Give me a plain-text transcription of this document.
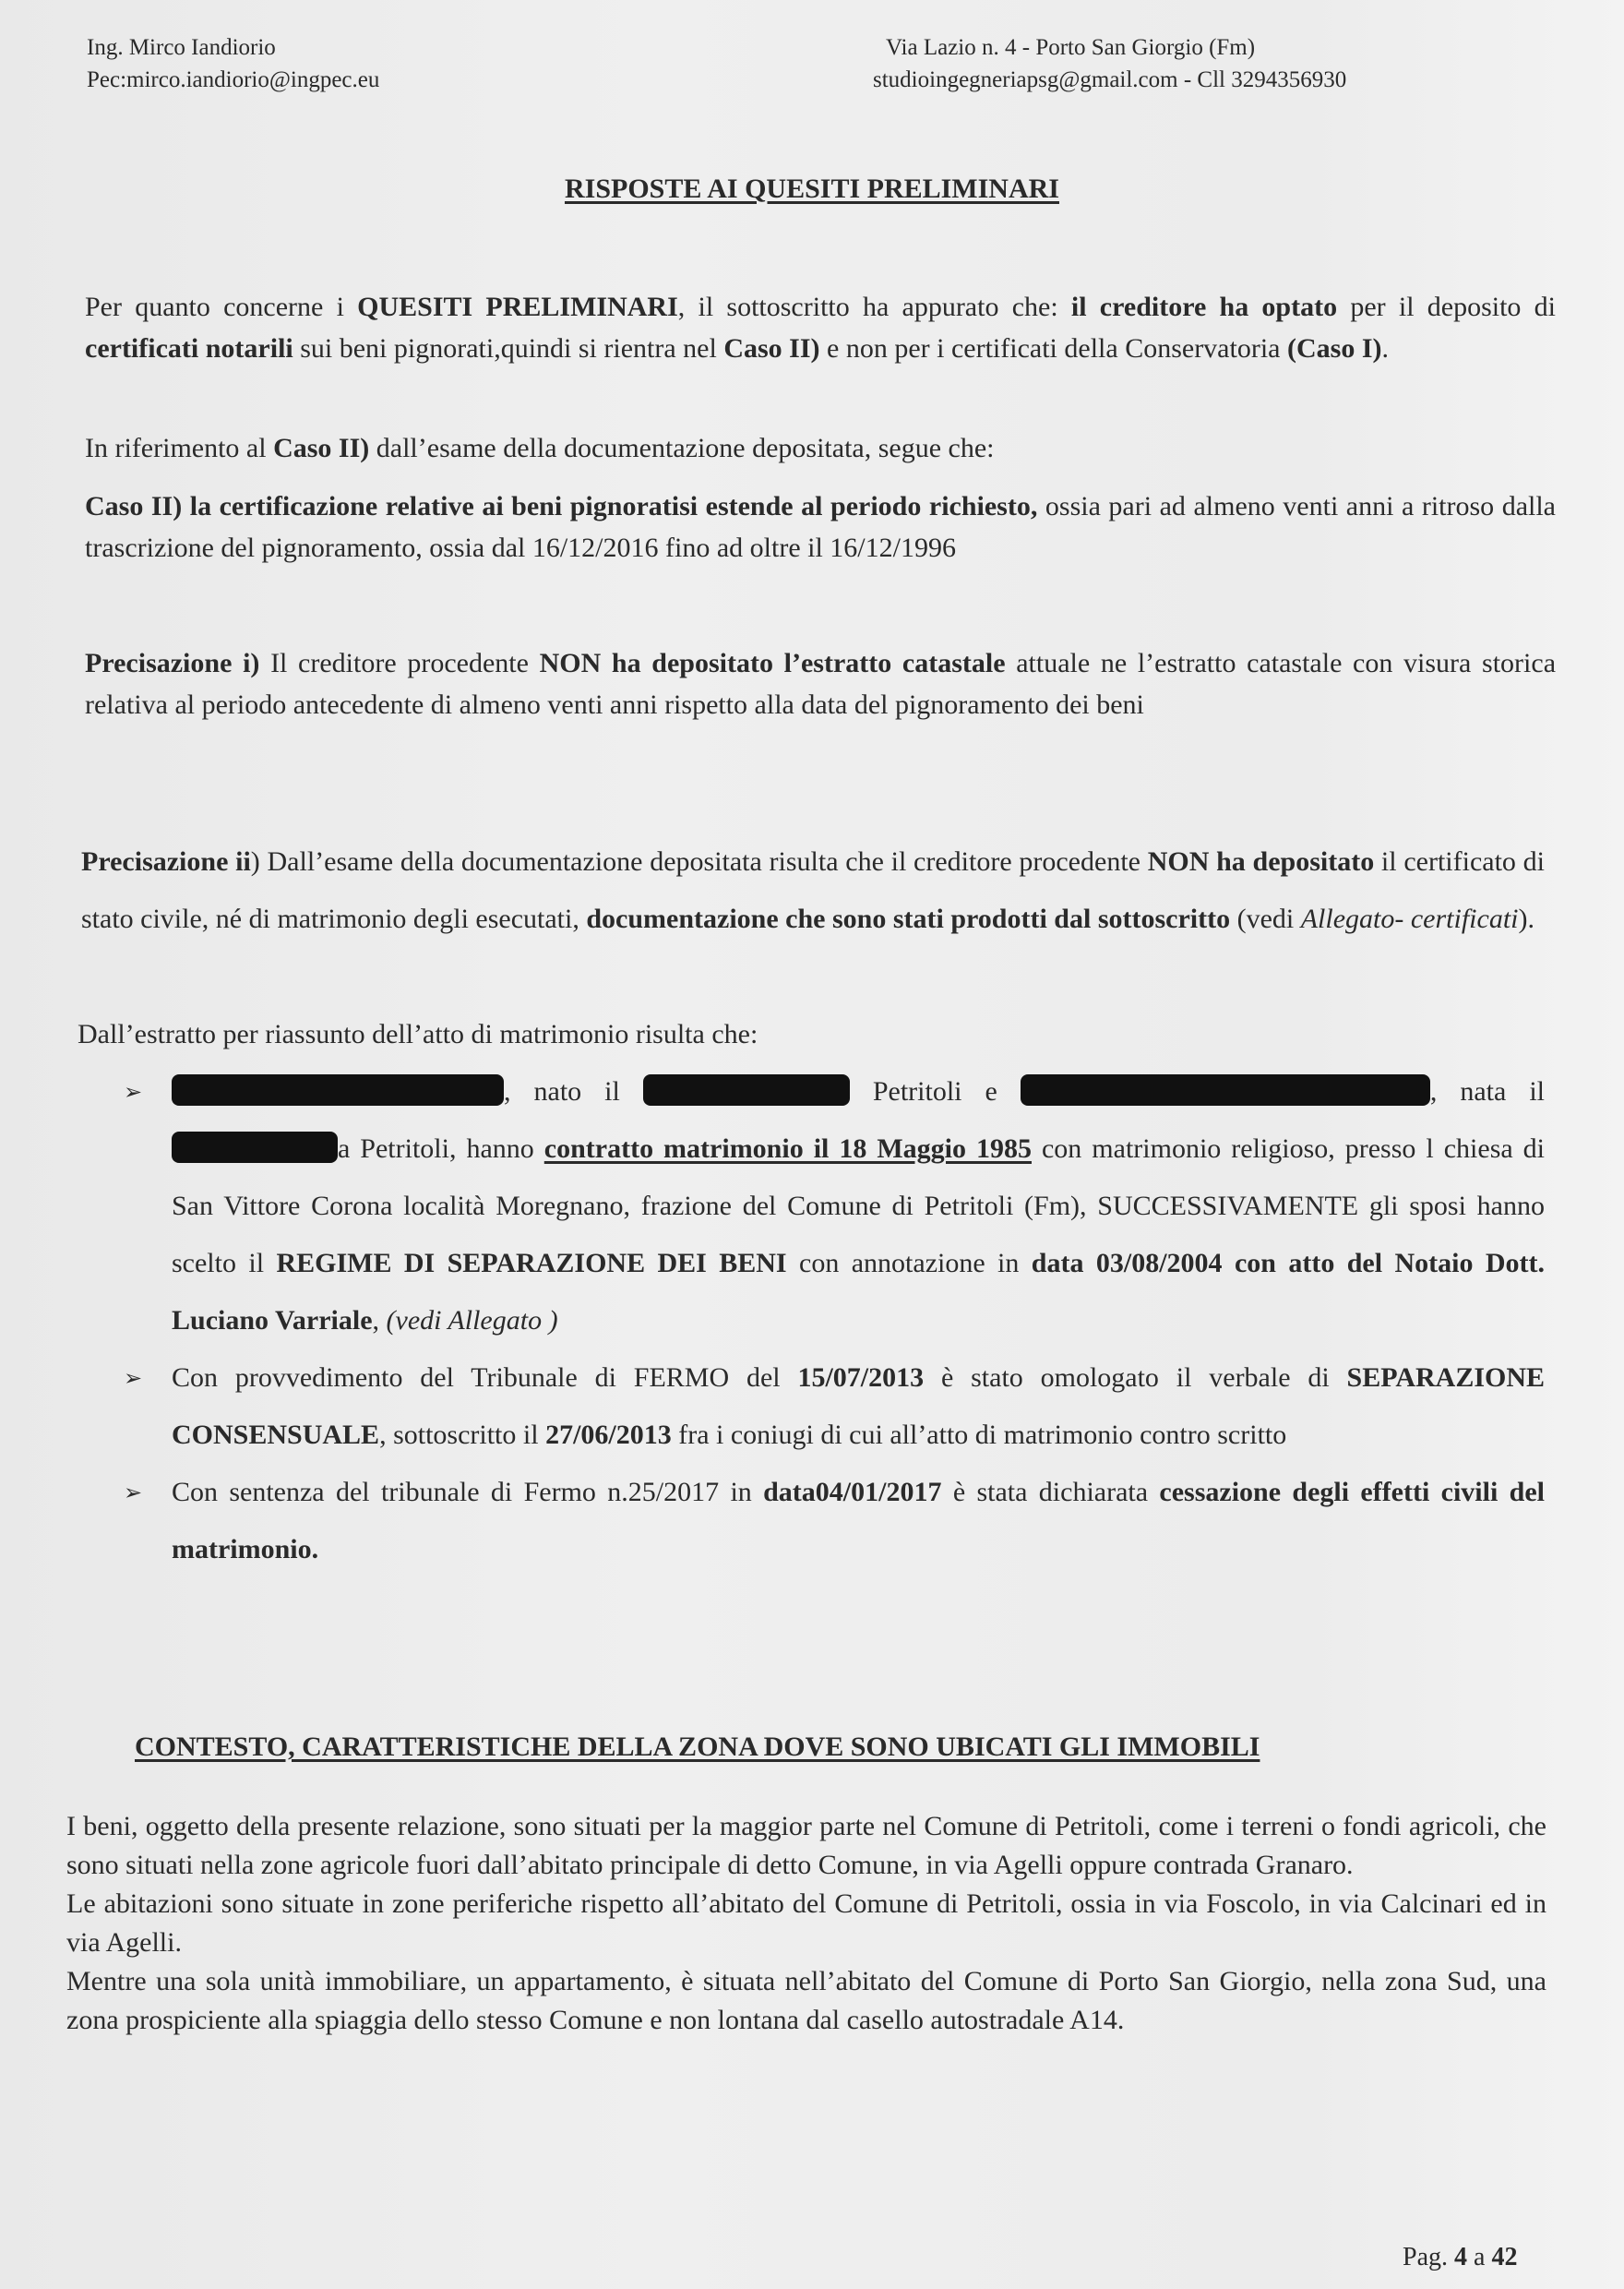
Ing. Mirco Iandiorio
Pec:mirco.iandiorio@ingpec.eu
Via Lazio n. 4 - Porto San Giorgio (Fm)
studioingegneriapsg@gmail.com - Cll 3294356930
RISPOSTE AI QUESITI PRELIMINARI

Per quanto concerne i QUESITI PRELIMINARI, il sottoscritto ha appurato che: il creditore ha optato per il deposito di certificati notarili sui beni pignorati,quindi si rientra nel Caso II) e non per i certificati della Conservatoria (Caso I).

In riferimento al Caso II) dall’esame della documentazione depositata, segue che:

Caso II) la certificazione relative ai beni pignoratisi estende al periodo richiesto, ossia pari ad almeno venti anni a ritroso dalla trascrizione del pignoramento, ossia dal 16/12/2016 fino ad oltre il 16/12/1996

Precisazione i) Il creditore procedente NON ha depositato l’estratto catastale attuale ne l’estratto catastale con visura storica relativa al periodo antecedente di almeno venti anni rispetto alla data del pignoramento dei beni

Precisazione ii) Dall’esame della documentazione depositata risulta che il creditore procedente NON ha depositato il certificato di stato civile, né di matrimonio degli esecutati, documentazione che sono stati prodotti dal sottoscritto (vedi Allegato- certificati).

Dall’estratto per riassunto dell’atto di matrimonio risulta che:
➢	, nato il	Petritoli e	, nata il a Petritoli, hanno contratto matrimonio il 18 Maggio 1985 con matrimonio religioso, presso l chiesa di San Vittore Corona località Moregnano, frazione del Comune di Petritoli (Fm), SUCCESSIVAMENTE gli sposi hanno scelto il REGIME DI SEPARAZIONE DEI BENI con annotazione in data 03/08/2004 con atto del Notaio Dott. Luciano Varriale, (vedi Allegato )
➢ Con provvedimento del Tribunale di FERMO del 15/07/2013 è stato omologato il verbale di SEPARAZIONE CONSENSUALE, sottoscritto il 27/06/2013 fra i coniugi di cui all’atto di matrimonio contro scritto
➢ Con sentenza del tribunale di Fermo n.25/2017 in data04/01/2017 è stata dichiarata cessazione degli effetti civili del matrimonio.
CONTESTO, CARATTERISTICHE DELLA ZONA DOVE SONO UBICATI GLI IMMOBILI

I beni, oggetto della presente relazione, sono situati per la maggior parte nel Comune di Petritoli, come i terreni o fondi agricoli, che sono situati nella zone agricole fuori dall’abitato principale di detto Comune, in via Agelli oppure contrada Granaro.

Le abitazioni sono situate in zone periferiche rispetto all’abitato del Comune di Petritoli, ossia in via Foscolo, in via Calcinari ed in via Agelli.

Mentre una sola unità immobiliare, un appartamento, è situata nell’abitato del Comune di Porto San Giorgio, nella zona Sud, una zona prospiciente alla spiaggia dello stesso Comune e non lontana dal casello autostradale A14.

Pag. 4 a 42
